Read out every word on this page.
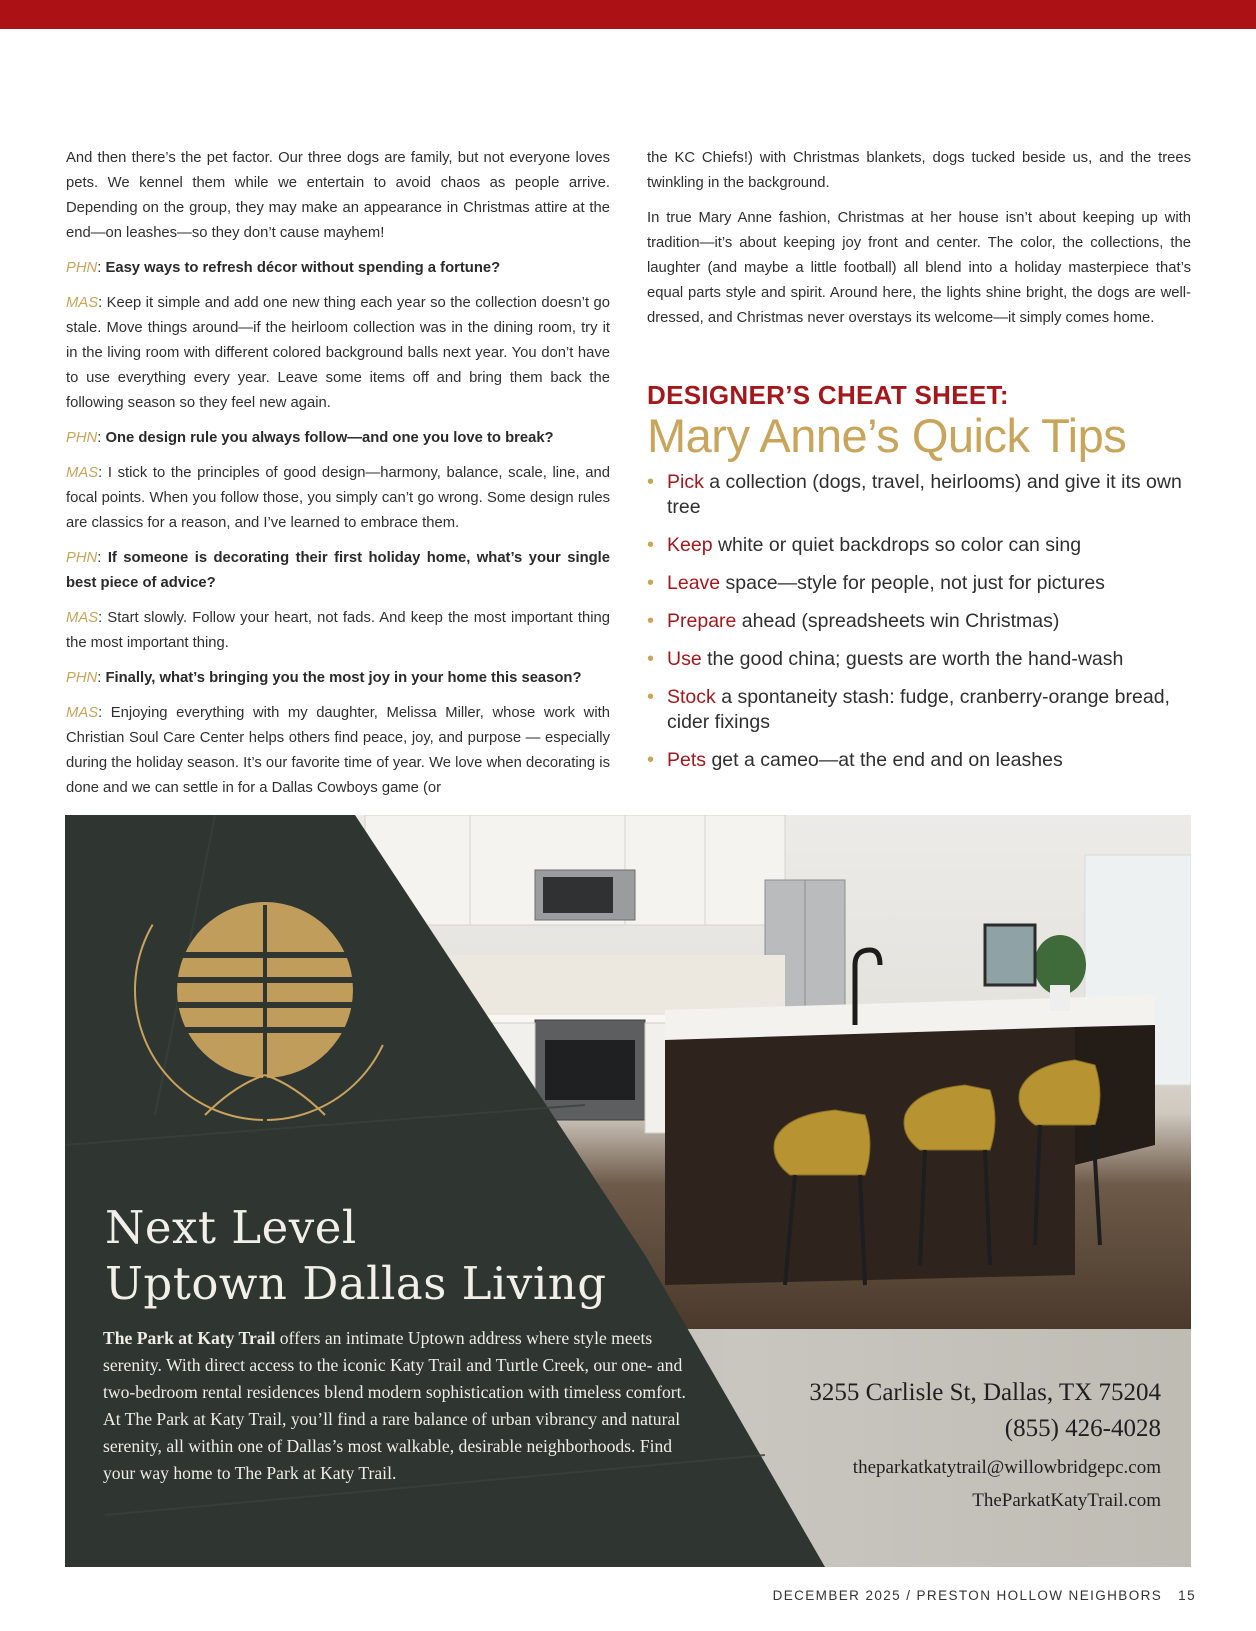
And then there’s the pet factor. Our three dogs are family, but not everyone loves pets. We kennel them while we entertain to avoid chaos as people arrive. Depending on the group, they may make an appearance in Christmas attire at the end—on leashes—so they don’t cause mayhem!

PHN: Easy ways to refresh décor without spending a fortune?

MAS: Keep it simple and add one new thing each year so the collection doesn’t go stale. Move things around—if the heirloom collection was in the dining room, try it in the living room with different colored background balls next year. You don’t have to use everything every year. Leave some items off and bring them back the following season so they feel new again.

PHN: One design rule you always follow—and one you love to break?

MAS: I stick to the principles of good design—harmony, balance, scale, line, and focal points. When you follow those, you simply can’t go wrong. Some design rules are classics for a reason, and I’ve learned to embrace them.

PHN: If someone is decorating their first holiday home, what’s your single best piece of advice?

MAS: Start slowly. Follow your heart, not fads. And keep the most important thing the most important thing.

PHN: Finally, what’s bringing you the most joy in your home this season?

MAS: Enjoying everything with my daughter, Melissa Miller, whose work with Christian Soul Care Center helps others find peace, joy, and purpose — especially during the holiday season. It’s our favorite time of year. We love when decorating is done and we can settle in for a Dallas Cowboys game (or

the KC Chiefs!) with Christmas blankets, dogs tucked beside us, and the trees twinkling in the background.

In true Mary Anne fashion, Christmas at her house isn’t about keeping up with tradition—it’s about keeping joy front and center. The color, the collections, the laughter (and maybe a little football) all blend into a holiday masterpiece that’s equal parts style and spirit. Around here, the lights shine bright, the dogs are well-dressed, and Christmas never overstays its welcome—it simply comes home.

DESIGNER’S CHEAT SHEET:
Mary Anne’s Quick Tips
• Pick a collection (dogs, travel, heirlooms) and give it its own tree
• Keep white or quiet backdrops so color can sing
• Leave space—style for people, not just for pictures
• Prepare ahead (spreadsheets win Christmas)
• Use the good china; guests are worth the hand-wash
• Stock a spontaneity stash: fudge, cranberry-orange bread, cider fixings
• Pets get a cameo—at the end and on leashes
Next Level
Uptown Dallas Living
The Park at Katy Trail offers an intimate Uptown address where style meets serenity. With direct access to the iconic Katy Trail and Turtle Creek, our one- and two-bedroom rental residences blend modern sophistication with timeless comfort. At The Park at Katy Trail, you’ll find a rare balance of urban vibrancy and natural serenity, all within one of Dallas’s most walkable, desirable neighborhoods. Find your way home to The Park at Katy Trail.
3255 Carlisle St, Dallas, TX 75204
(855) 426-4028
theparkatkatytrail@willowbridgepc.com
TheParkatKatyTrail.com
DECEMBER 2025 / PRESTON HOLLOW NEIGHBORS 15
